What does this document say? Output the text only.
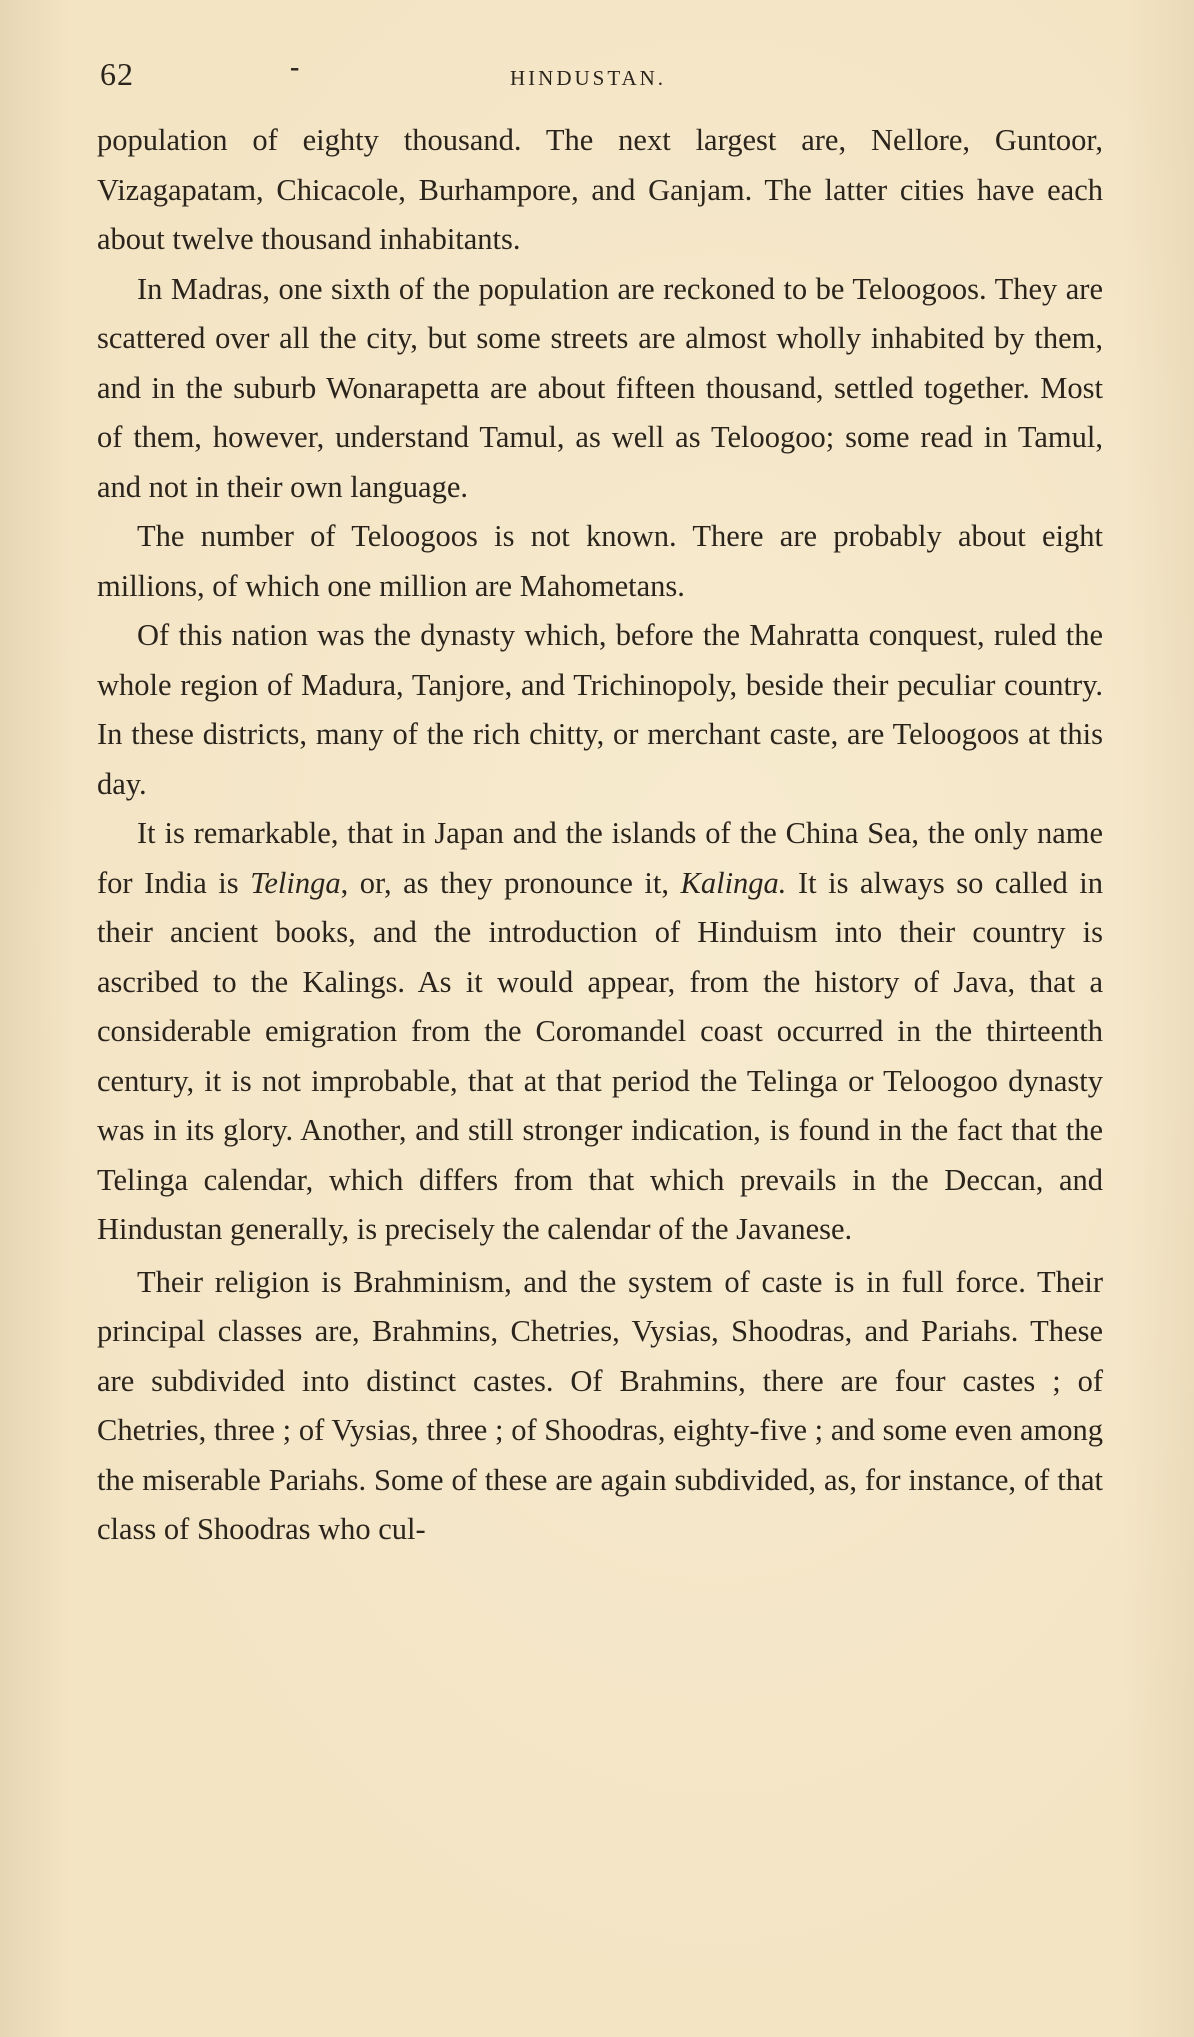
62	-	HINDUSTAN.

population of eighty thousand. The next largest are, Nellore, Guntoor, Vizagapatam, Chicacole, Burhampore, and Ganjam. The latter cities have each about twelve thousand inhabitants.

In Madras, one sixth of the population are reckoned to be Teloogoos. They are scattered over all the city, but some streets are almost wholly inhabited by them, and in the suburb Wonarapetta are about fifteen thousand, settled together. Most of them, however, understand Tamul, as well as Teloogoo; some read in Tamul, and not in their own language.

The number of Teloogoos is not known. There are probably about eight millions, of which one million are Mahometans.

Of this nation was the dynasty which, before the Mahratta conquest, ruled the whole region of Madura, Tanjore, and Trichinopoly, beside their peculiar country. In these districts, many of the rich chitty, or merchant caste, are Teloogoos at this day.

It is remarkable, that in Japan and the islands of the China Sea, the only name for India is Telinga, or, as they pronounce it, Kalinga. It is always so called in their ancient books, and the introduction of Hinduism into their country is ascribed to the Kalings. As it would appear, from the history of Java, that a considerable emigration from the Coromandel coast occurred in the thirteenth century, it is not improbable, that at that period the Telinga or Teloogoo dynasty was in its glory. Another, and still stronger indication, is found in the fact that the Telinga calendar, which differs from that which prevails in the Deccan, and Hindustan generally, is precisely the calendar of the Javanese.

Their religion is Brahminism, and the system of caste is in full force. Their principal classes are, Brahmins, Chetries, Vysias, Shoodras, and Pariahs. These are subdivided into distinct castes. Of Brahmins, there are four castes ; of Chetries, three ; of Vysias, three ; of Shoodras, eighty-five ; and some even among the miserable Pariahs. Some of these are again subdivided, as, for instance, of that class of Shoodras who cul-
